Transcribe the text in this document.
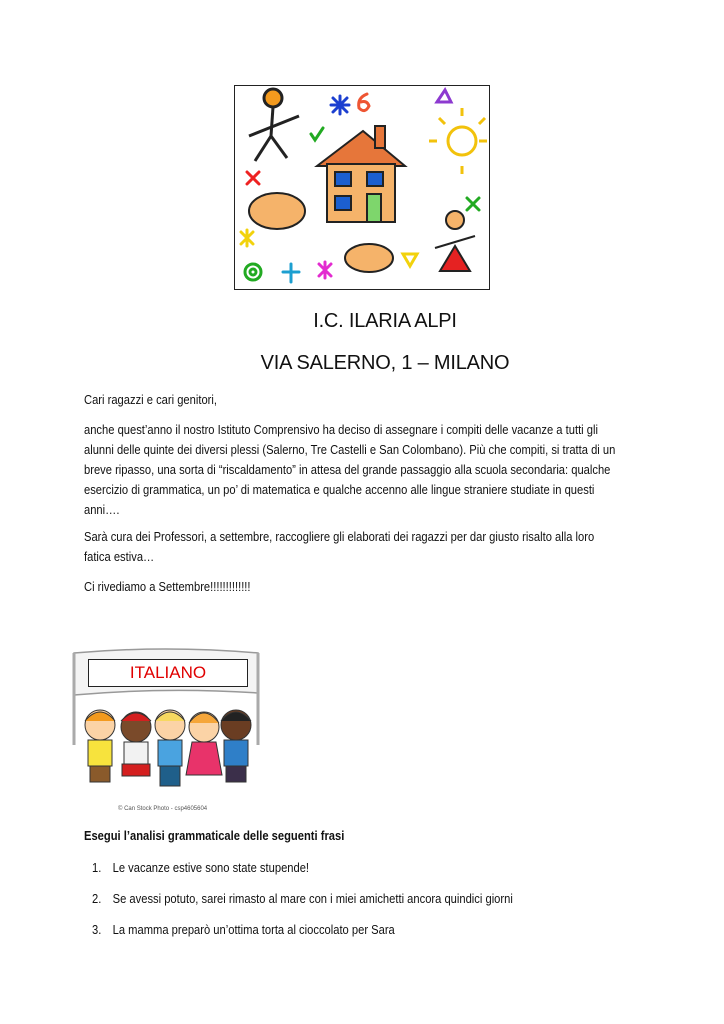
I.C. ILARIA ALPI
VIA SALERNO, 1 – MILANO
Cari ragazzi e cari genitori,
anche quest’anno il nostro Istituto Comprensivo ha deciso di assegnare i compiti delle vacanze a tutti gli
alunni delle quinte dei diversi plessi (Salerno, Tre Castelli e San Colombano). Più che compiti, si tratta di un
breve ripasso, una sorta di “riscaldamento” in attesa del grande passaggio alla scuola secondaria: qualche
esercizio di grammatica, un po’ di matematica e qualche accenno alle lingue straniere studiate in questi
anni….
Sarà cura dei Professori, a settembre, raccogliere gli elaborati dei ragazzi per dar giusto risalto alla loro
fatica estiva…
Ci rivediamo a Settembre!!!!!!!!!!!!!
ITALIANO
© Can Stock Photo - csp4605604
Esegui l’analisi grammaticale delle seguenti frasi
1. Le vacanze estive sono state stupende!
2. Se avessi potuto, sarei rimasto al mare con i miei amichetti ancora quindici giorni
3. La mamma preparò un’ottima torta al cioccolato per Sara
